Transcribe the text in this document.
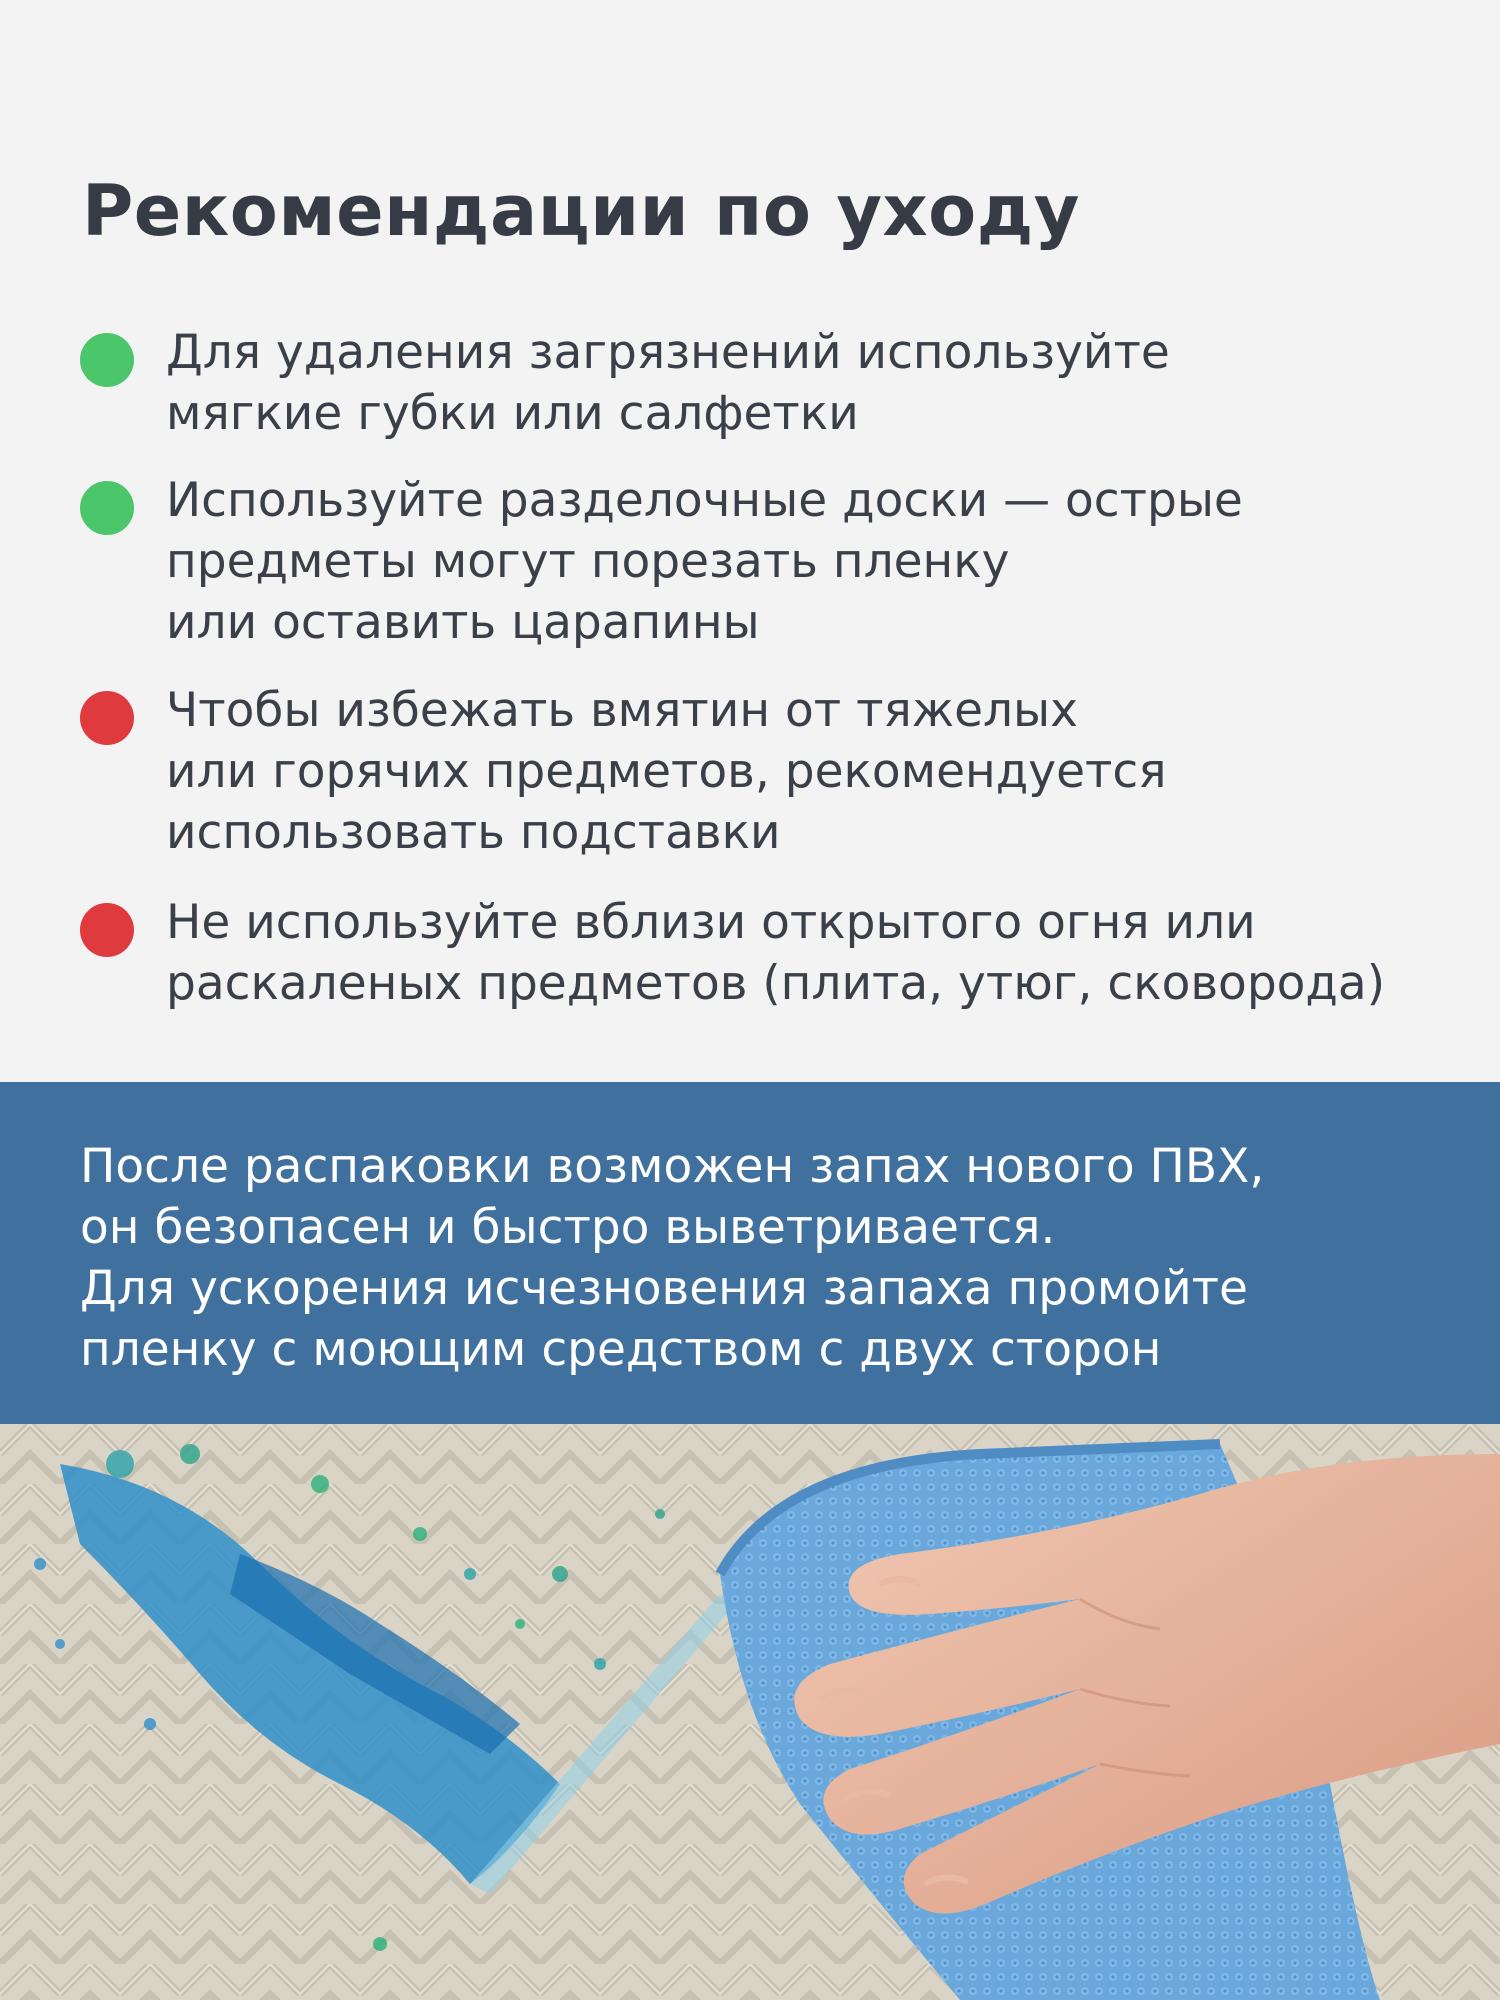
Рекомендации по уходу
Для удаления загрязнений используйте
мягкие губки или салфетки
Используйте разделочные доски — острые
предметы могут порезать пленку
или оставить царапины
Чтобы избежать вмятин от тяжелых
или горячих предметов, рекомендуется
использовать подставки
Не используйте вблизи открытого огня или
раскаленых предметов (плита, утюг, сковорода)
После распаковки возможен запах нового ПВХ,
он безопасен и быстро выветривается.
Для ускорения исчезновения запаха промойте
пленку с моющим средством с двух сторон
